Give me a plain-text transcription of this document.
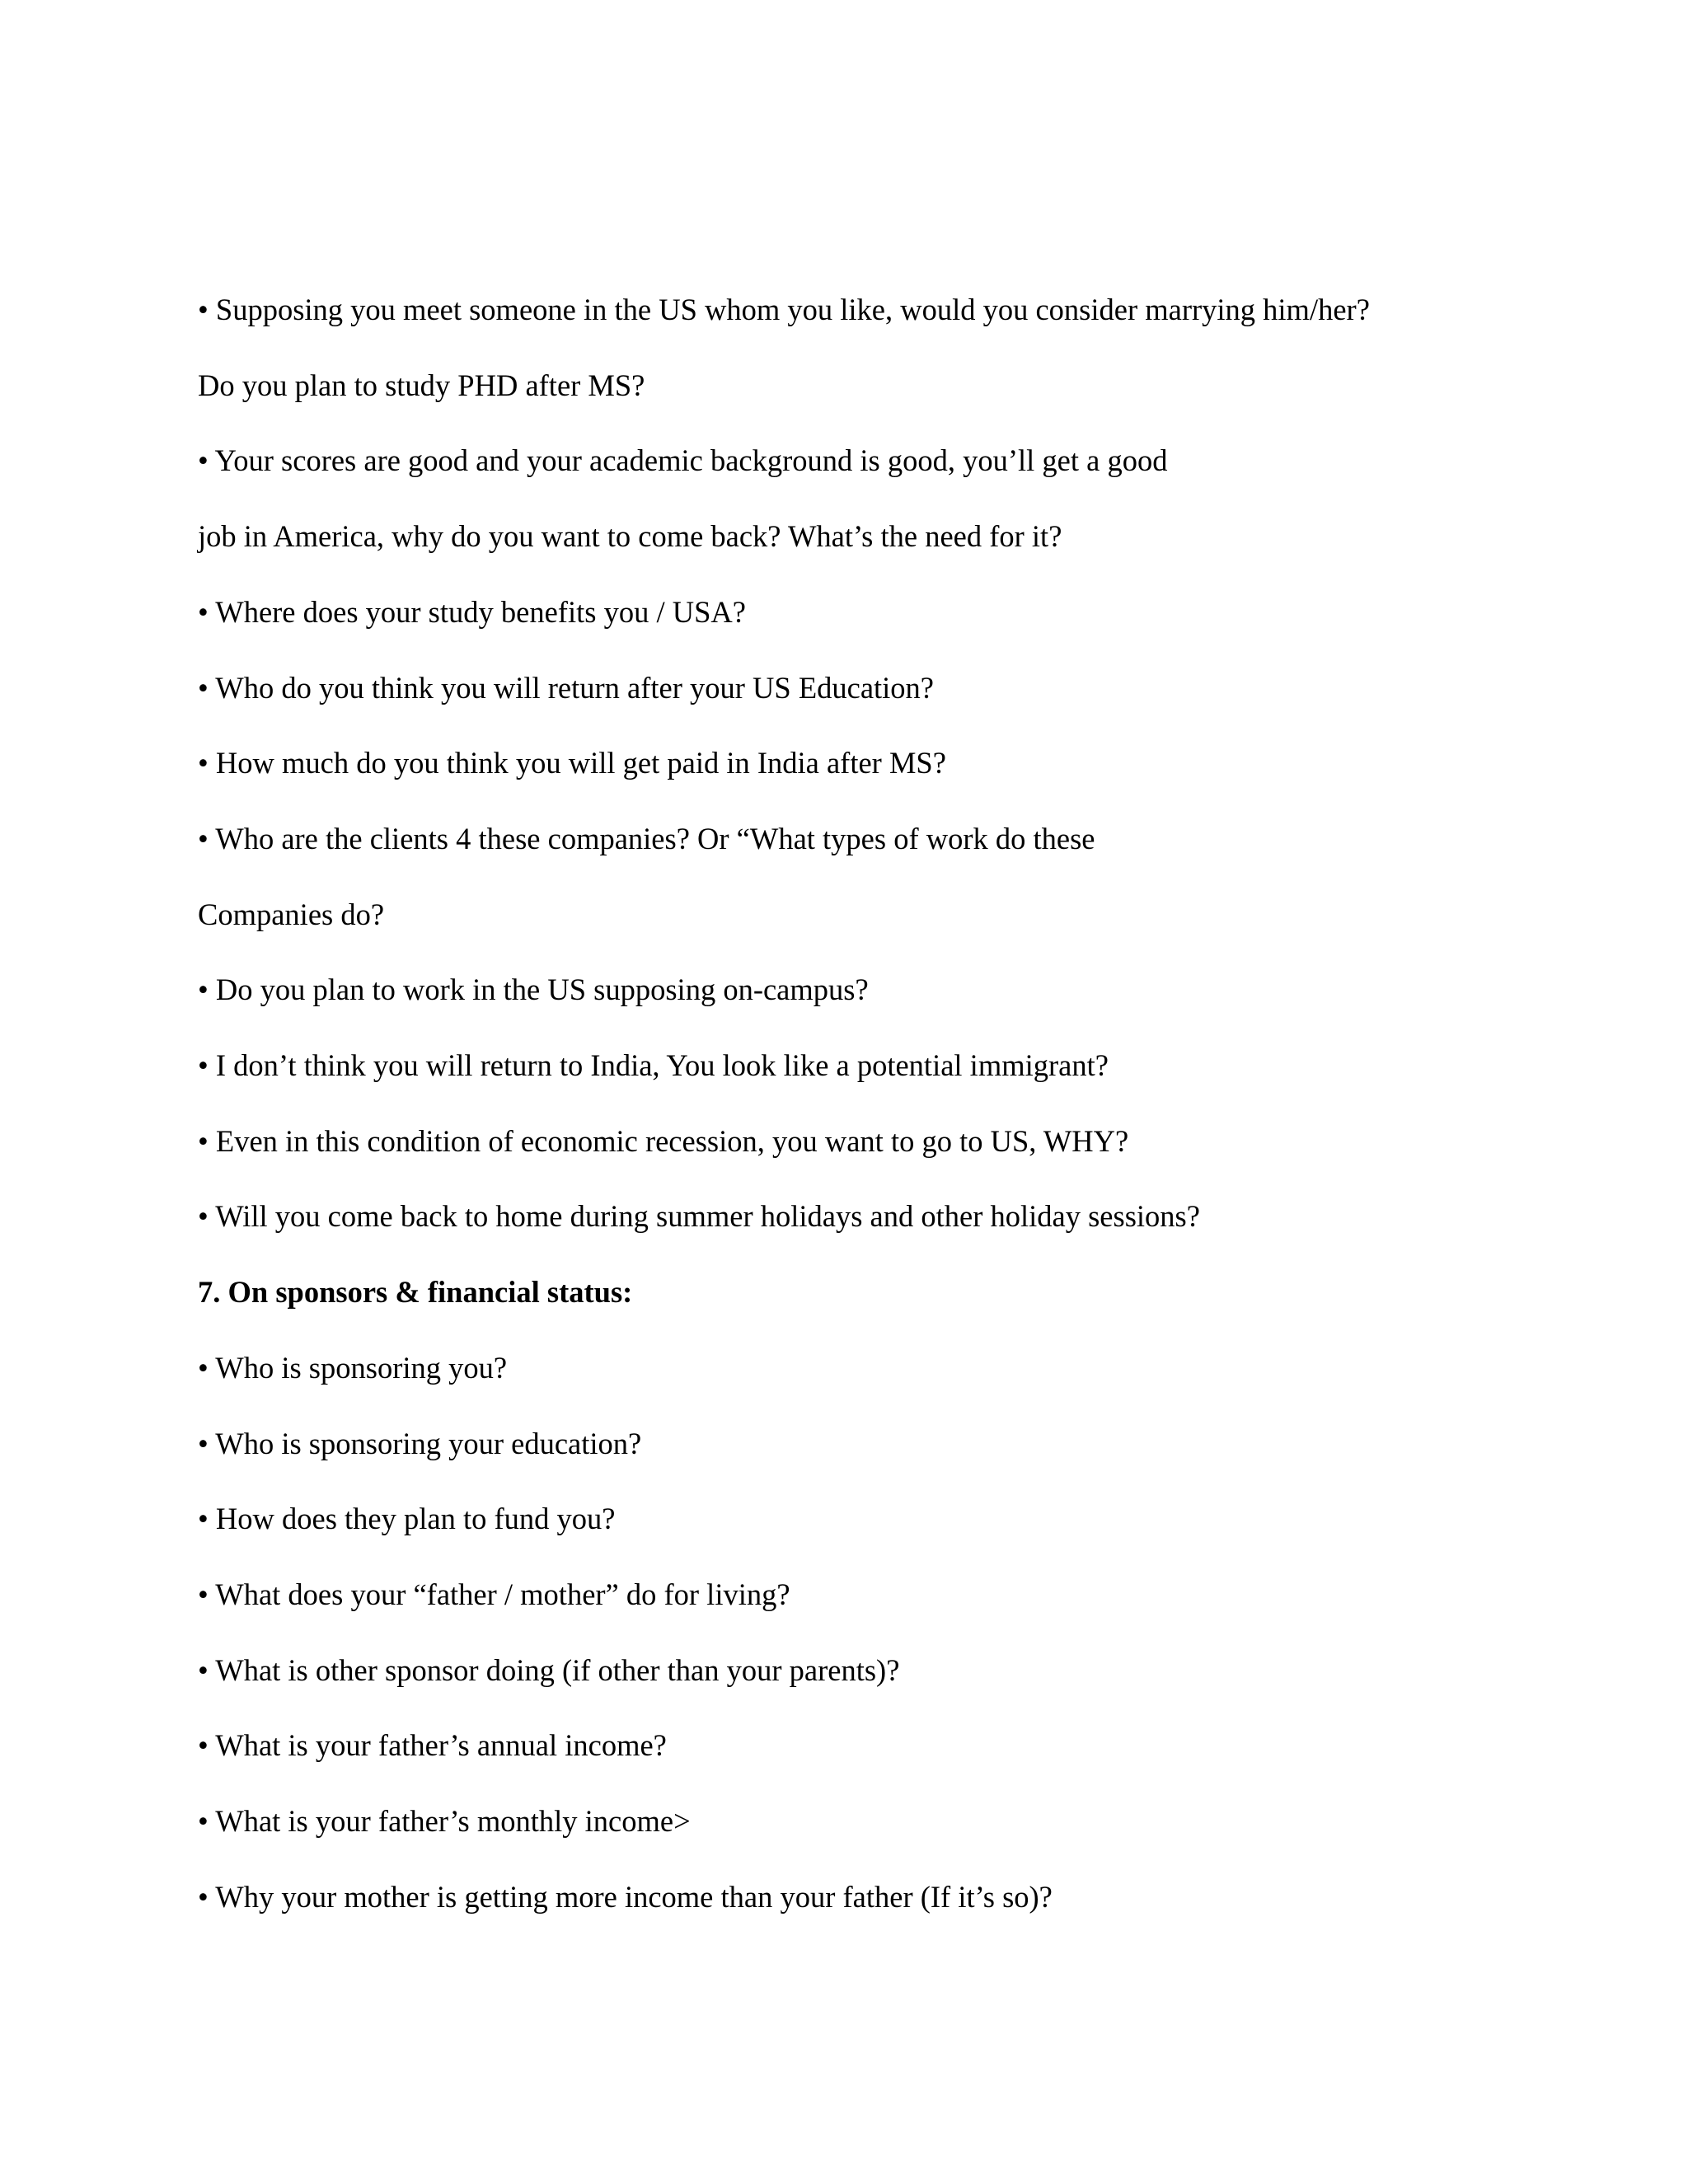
• Supposing you meet someone in the US whom you like, would you consider marrying him/her?

Do you plan to study PHD after MS?

• Your scores are good and your academic background is good, you’ll get a good

job in America, why do you want to come back? What’s the need for it?

• Where does your study benefits you / USA?

• Who do you think you will return after your US Education?

• How much do you think you will get paid in India after MS?

• Who are the clients 4 these companies? Or “What types of work do these

Companies do?

• Do you plan to work in the US supposing on-campus?

• I don’t think you will return to India, You look like a potential immigrant?

• Even in this condition of economic recession, you want to go to US, WHY?

• Will you come back to home during summer holidays and other holiday sessions?

7. On sponsors & financial status:

• Who is sponsoring you?

• Who is sponsoring your education?

• How does they plan to fund you?

• What does your “father / mother” do for living?

• What is other sponsor doing (if other than your parents)?

• What is your father’s annual income?

• What is your father’s monthly income>

• Why your mother is getting more income than your father (If it’s so)?
